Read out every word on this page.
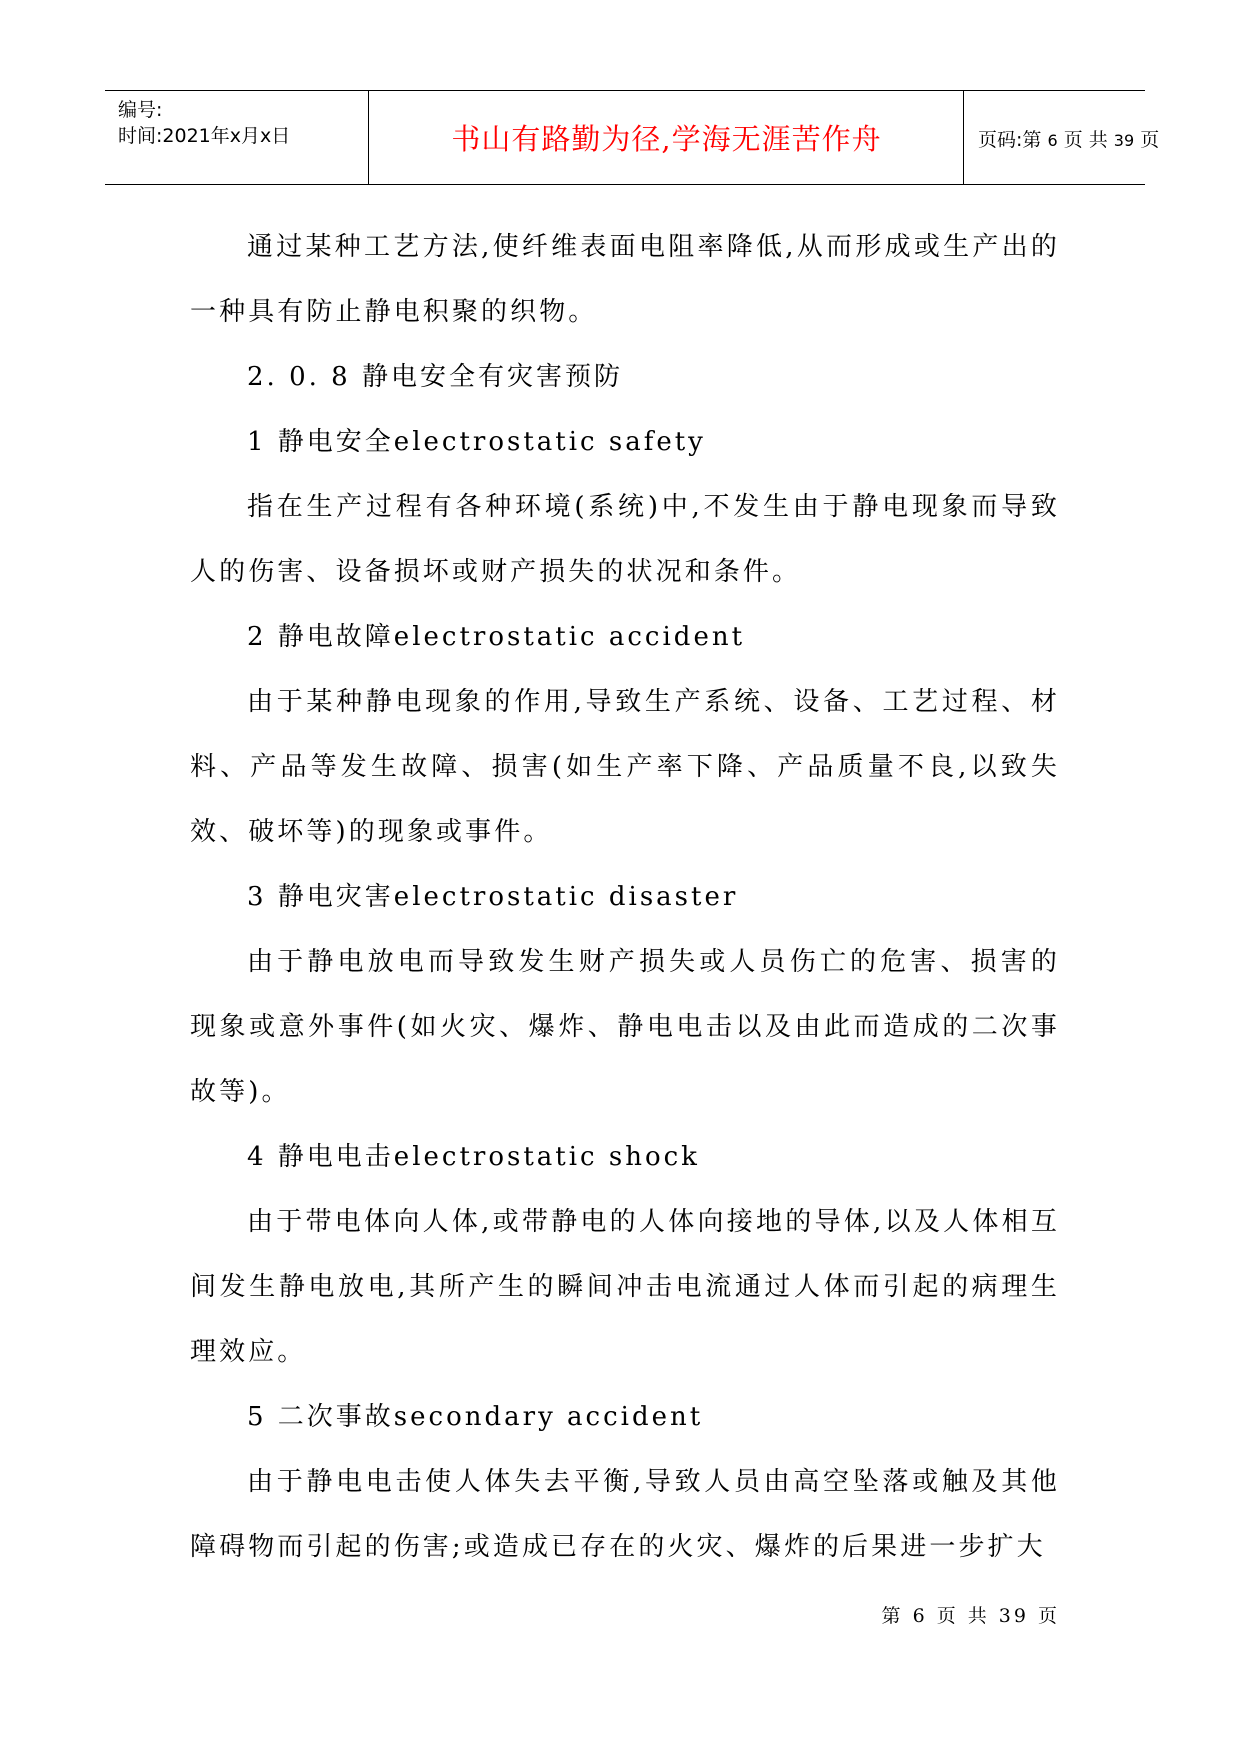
编号:
时间:2021年x月x日	书山有路勤为径,学海无涯苦作舟	页码:第 6 页 共 39 页

通过某种工艺方法,使纤维表面电阻率降低,从而形成或生产出的一种具有防止静电积聚的织物。

2. 0. 8 静电安全有灾害预防

1 静电安全electrostatic safety

指在生产过程有各种环境(系统)中,不发生由于静电现象而导致人的伤害、设备损坏或财产损失的状况和条件。

2 静电故障electrostatic accident

由于某种静电现象的作用,导致生产系统、设备、工艺过程、材料、产品等发生故障、损害(如生产率下降、产品质量不良,以致失效、破坏等)的现象或事件。

3 静电灾害electrostatic disaster

由于静电放电而导致发生财产损失或人员伤亡的危害、损害的现象或意外事件(如火灾、爆炸、静电电击以及由此而造成的二次事故等)。

4 静电电击electrostatic shock

由于带电体向人体,或带静电的人体向接地的导体,以及人体相互间发生静电放电,其所产生的瞬间冲击电流通过人体而引起的病理生理效应。

5 二次事故secondary accident

由于静电电击使人体失去平衡,导致人员由高空坠落或触及其他障碍物而引起的伤害;或造成已存在的火灾、爆炸的后果进一步扩大

第 6 页 共 39 页
